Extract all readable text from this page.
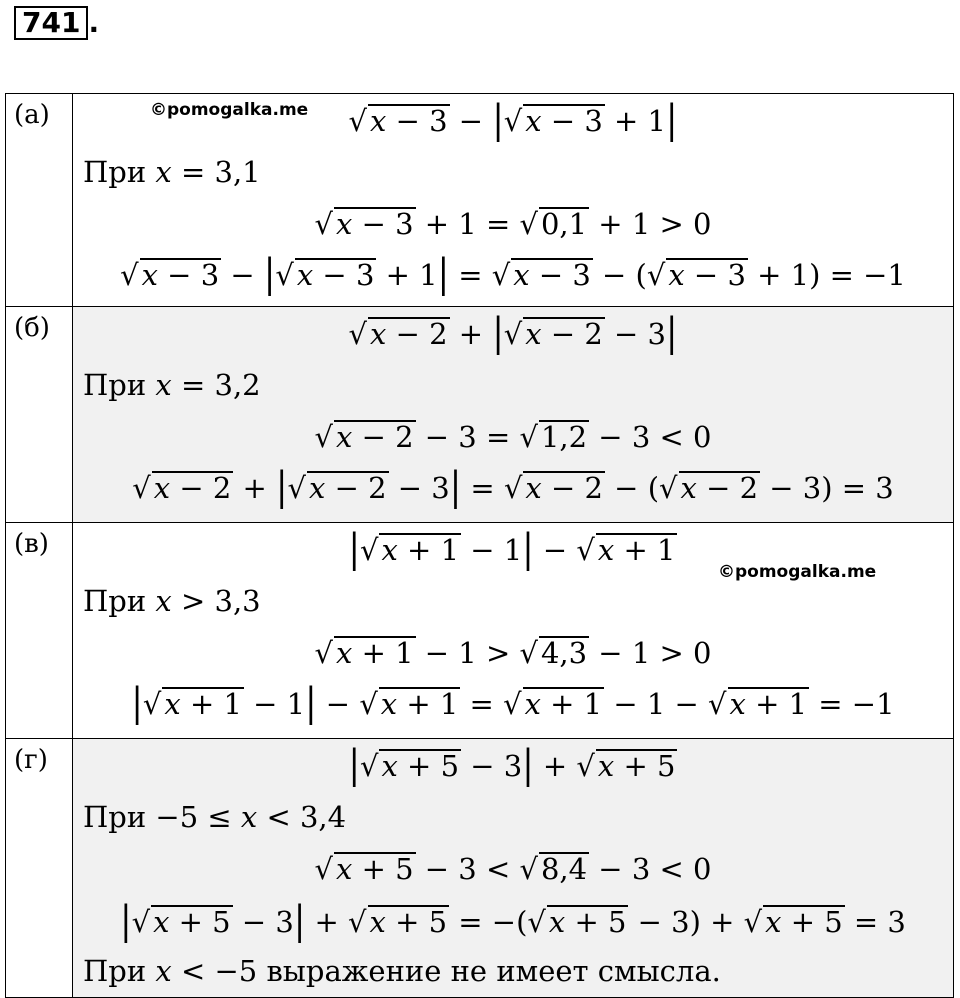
741 .
(а)	√ x − 3 − |√ x − 3 + 1|
При x = 3,1
√ x − 3 + 1 = √ 0,1 + 1 > 0
√ x − 3 − |√ x − 3 + 1| = √ x − 3 − (√ x − 3 + 1) = −1

(б)	√ x − 2 + |√ x − 2 − 3|
При x = 3,2
√ x − 2 − 3 = √ 1,2 − 3 < 0
√ x − 2 + |√ x − 2 − 3| = √ x − 2 − (√ x − 2 − 3) = 3

(в)	|√ x + 1 − 1| − √ x + 1
При x > 3,3
√ x + 1 − 1 > √ 4,3 − 1 > 0
|√ x + 1 − 1| − √ x + 1 = √ x + 1 − 1 − √ x + 1 = −1

(г)	|√ x + 5 − 3| + √ x + 5
При −5 ≤ x < 3,4
√ x + 5 − 3 < √ 8,4 − 3 < 0
|√ x + 5 − 3| + √ x + 5 = −(√ x + 5 − 3) + √ x + 5 = 3
При x < −5 выражение не имеет смысла.
©pomogalka.me
©pomogalka.me
